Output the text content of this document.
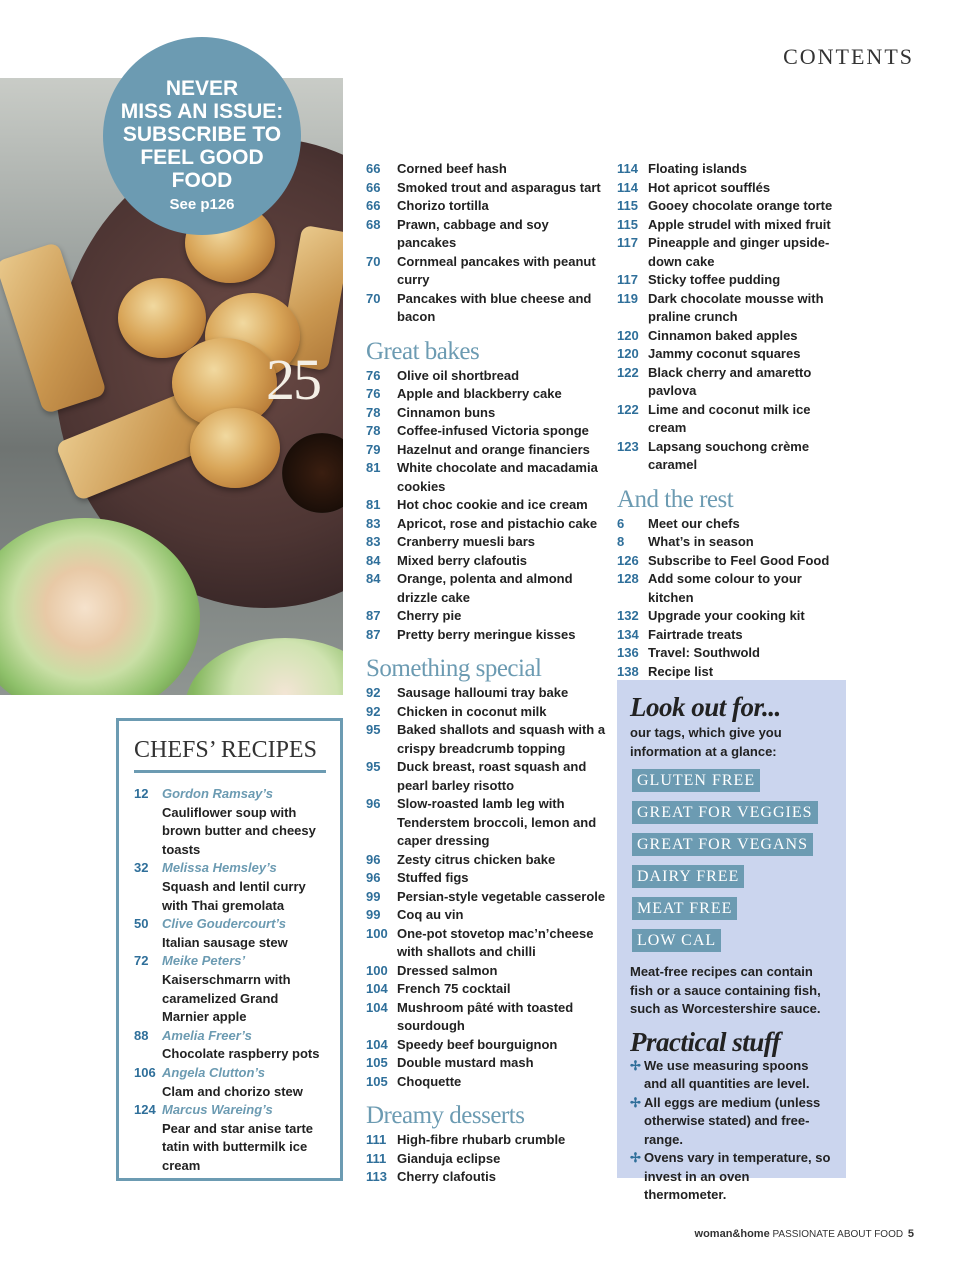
CONTENTS
25
NEVER
MISS AN ISSUE:
SUBSCRIBE TO
FEEL GOOD
FOOD
See p126
CHEFS’ RECIPES
12	Gordon Ramsay’s
Cauliflower soup with brown butter and cheesy toasts
32	Melissa Hemsley’s
Squash and lentil curry with Thai gremolata
50	Clive Goudercourt’s
Italian sausage stew
72	Meike Peters’
Kaiserschmarrn with caramelized Grand Marnier apple
88	Amelia Freer’s
Chocolate raspberry pots
106 Angela Clutton’s
Clam and chorizo stew
124 Marcus Wareing’s
Pear and star anise tarte tatin with buttermilk ice cream
66	Corned beef hash
66	Smoked trout and asparagus tart
66	Chorizo tortilla
68	Prawn, cabbage and soy pancakes
70	Cornmeal pancakes with peanut curry
70	Pancakes with blue cheese and bacon
Great bakes
76	Olive oil shortbread
76	Apple and blackberry cake
78	Cinnamon buns
78	Coffee-infused Victoria sponge
79	Hazelnut and orange financiers
81	White chocolate and macadamia cookies
81	Hot choc cookie and ice cream
83	Apricot, rose and pistachio cake
83	Cranberry muesli bars
84	Mixed berry clafoutis
84	Orange, polenta and almond drizzle cake
87	Cherry pie
87	Pretty berry meringue kisses
Something special
92	Sausage halloumi tray bake
92	Chicken in coconut milk
95	Baked shallots and squash with a crispy breadcrumb topping
95	Duck breast, roast squash and pearl barley risotto
96	Slow-roasted lamb leg with Tenderstem broccoli, lemon and caper dressing
96	Zesty citrus chicken bake
96	Stuffed figs
99	Persian-style vegetable casserole
99	Coq au vin
100 One-pot stovetop mac’n’cheese with shallots and chilli
100 Dressed salmon
104 French 75 cocktail
104 Mushroom pâté with toasted sourdough
104 Speedy beef bourguignon
105 Double mustard mash
105 Choquette
Dreamy desserts
111 High-fibre rhubarb crumble
111 Gianduja eclipse
113 Cherry clafoutis
114 Floating islands
114 Hot apricot soufflés
115 Gooey chocolate orange torte
115 Apple strudel with mixed fruit
117 Pineapple and ginger upside-down cake
117 Sticky toffee pudding
119 Dark chocolate mousse with praline crunch
120 Cinnamon baked apples
120 Jammy coconut squares
122 Black cherry and amaretto pavlova
122 Lime and coconut milk ice cream
123 Lapsang souchong crème caramel
And the rest
6	Meet our chefs
8	What’s in season
126 Subscribe to Feel Good Food
128 Add some colour to your kitchen
132 Upgrade your cooking kit
134 Fairtrade treats
136 Travel: Southwold
138 Recipe list
Look out for...
our tags, which give you information at a glance:
GLUTEN FREE
GREAT FOR VEGGIES
GREAT FOR VEGANS
DAIRY FREE
MEAT FREE
LOW CAL
Meat-free recipes can contain fish or a sauce containing fish, such as Worcestershire sauce.
Practical stuff
✢ We use measuring spoons and all quantities are level.
✢ All eggs are medium (unless otherwise stated) and free-range.
✢ Ovens vary in temperature, so invest in an oven thermometer.
woman&home PASSIONATE ABOUT FOOD 5
